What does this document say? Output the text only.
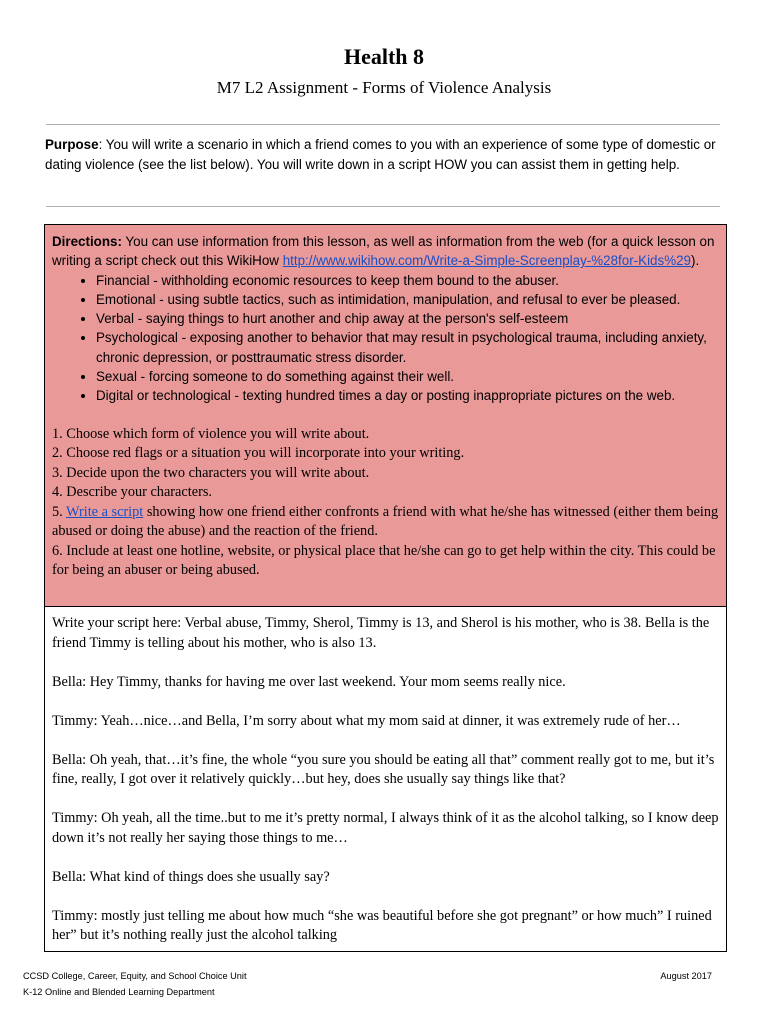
Health 8
M7 L2 Assignment - Forms of Violence Analysis
Purpose: You will write a scenario in which a friend comes to you with an experience of some type of domestic or dating violence (see the list below). You will write down in a script HOW you can assist them in getting help.
Directions: You can use information from this lesson, as well as information from the web (for a quick lesson on writing a script check out this WikiHow http://www.wikihow.com/Write-a-Simple-Screenplay-%28for-Kids%29).
• Financial - withholding economic resources to keep them bound to the abuser.
• Emotional - using subtle tactics, such as intimidation, manipulation, and refusal to ever be pleased.
• Verbal - saying things to hurt another and chip away at the person's self-esteem
• Psychological - exposing another to behavior that may result in psychological trauma, including anxiety, chronic depression, or posttraumatic stress disorder.
• Sexual - forcing someone to do something against their well.
• Digital or technological - texting hundred times a day or posting inappropriate pictures on the web.
1. Choose which form of violence you will write about.
2. Choose red flags or a situation you will incorporate into your writing.
3. Decide upon the two characters you will write about.
4. Describe your characters.
5. Write a script showing how one friend either confronts a friend with what he/she has witnessed (either them being abused or doing the abuse) and the reaction of the friend.
6. Include at least one hotline, website, or physical place that he/she can go to get help within the city. This could be for being an abuser or being abused.

Write your script here: Verbal abuse, Timmy, Sherol, Timmy is 13, and Sherol is his mother, who is 38. Bella is the friend Timmy is telling about his mother, who is also 13.

Bella: Hey Timmy, thanks for having me over last weekend. Your mom seems really nice.

Timmy: Yeah…nice…and Bella, I’m sorry about what my mom said at dinner, it was extremely rude of her…

Bella: Oh yeah, that…it’s fine, the whole “you sure you should be eating all that” comment really got to me, but it’s fine, really, I got over it relatively quickly…but hey, does she usually say things like that?

Timmy: Oh yeah, all the time..but to me it’s pretty normal, I always think of it as the alcohol talking, so I know deep down it’s not really her saying those things to me…

Bella: What kind of things does she usually say?

Timmy: mostly just telling me about how much “she was beautiful before she got pregnant” or how much” I ruined her” but it’s nothing really just the alcohol talking

CCSD College, Career, Equity, and School Choice Unit
K-12 Online and Blended Learning Department
August 2017
